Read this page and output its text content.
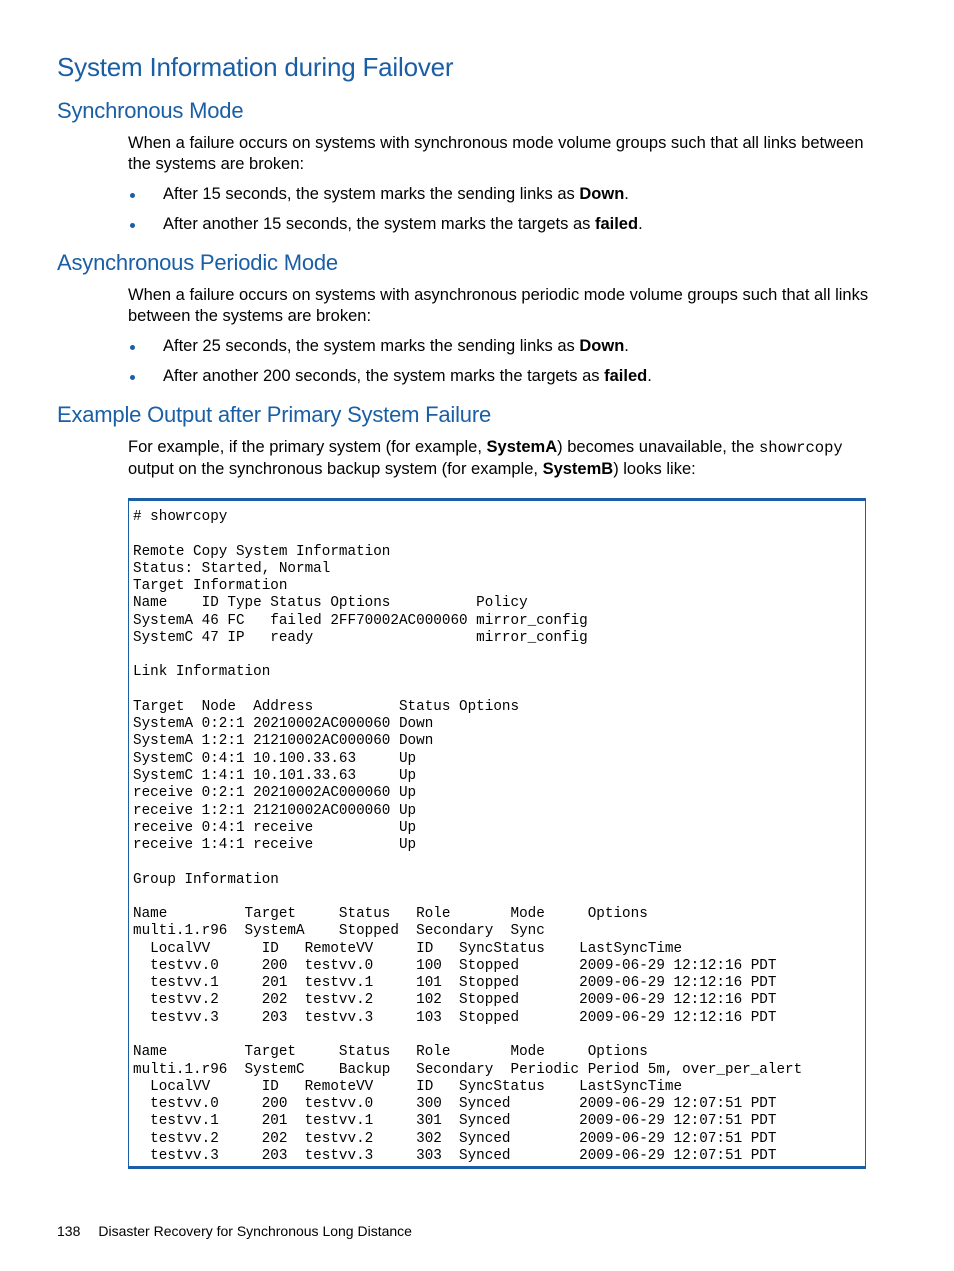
System Information during Failover
Synchronous Mode

When a failure occurs on systems with synchronous mode volume groups such that all links between the systems are broken:

After 15 seconds, the system marks the sending links as Down.
After another 15 seconds, the system marks the targets as failed.
Asynchronous Periodic Mode

When a failure occurs on systems with asynchronous periodic mode volume groups such that all links between the systems are broken:

After 25 seconds, the system marks the sending links as Down.
After another 200 seconds, the system marks the targets as failed.
Example Output after Primary System Failure

For example, if the primary system (for example, SystemA) becomes unavailable, the showrcopy output on the synchronous backup system (for example, SystemB) looks like:

# showrcopy

Remote Copy System Information
Status: Started, Normal
Target Information
Name    ID Type Status Options          Policy
SystemA 46 FC   failed 2FF70002AC000060 mirror_config
SystemC 47 IP   ready                   mirror_config

Link Information

Target  Node  Address          Status Options
SystemA 0:2:1 20210002AC000060 Down
SystemA 1:2:1 21210002AC000060 Down
SystemC 0:4:1 10.100.33.63     Up
SystemC 1:4:1 10.101.33.63     Up
receive 0:2:1 20210002AC000060 Up
receive 1:2:1 21210002AC000060 Up
receive 0:4:1 receive          Up
receive 1:4:1 receive          Up

Group Information

Name         Target     Status   Role       Mode     Options
multi.1.r96  SystemA    Stopped  Secondary  Sync
LocalVV      ID   RemoteVV     ID   SyncStatus    LastSyncTime
testvv.0     200  testvv.0     100  Stopped       2009-06-29 12:12:16 PDT
testvv.1     201  testvv.1     101  Stopped       2009-06-29 12:12:16 PDT
testvv.2     202  testvv.2     102  Stopped       2009-06-29 12:12:16 PDT
testvv.3     203  testvv.3     103  Stopped       2009-06-29 12:12:16 PDT

Name         Target     Status   Role       Mode     Options
multi.1.r96  SystemC    Backup   Secondary  Periodic Period 5m, over_per_alert
LocalVV      ID   RemoteVV     ID   SyncStatus    LastSyncTime
testvv.0     200  testvv.0     300  Synced        2009-06-29 12:07:51 PDT
testvv.1     201  testvv.1     301  Synced        2009-06-29 12:07:51 PDT
testvv.2     202  testvv.2     302  Synced        2009-06-29 12:07:51 PDT
testvv.3     203  testvv.3     303  Synced        2009-06-29 12:07:51 PDT
138 Disaster Recovery for Synchronous Long Distance
